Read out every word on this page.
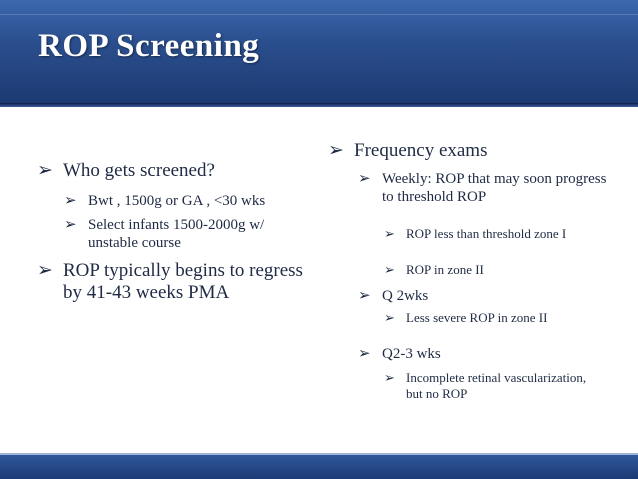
ROP Screening
➢ Who gets screened?
➢ Bwt , 1500g or GA , <30 wks
➢ Select infants 1500-2000g w/ unstable course
➢ ROP typically begins to regress by 41-43 weeks PMA
➢ Frequency exams
➢ Weekly: ROP that may soon progress to threshold ROP
➢ ROP less than threshold zone I
➢ ROP in zone II
➢ Q 2wks
➢ Less severe ROP in zone II
➢ Q2-3 wks
➢ Incomplete retinal vascularization, but no ROP
